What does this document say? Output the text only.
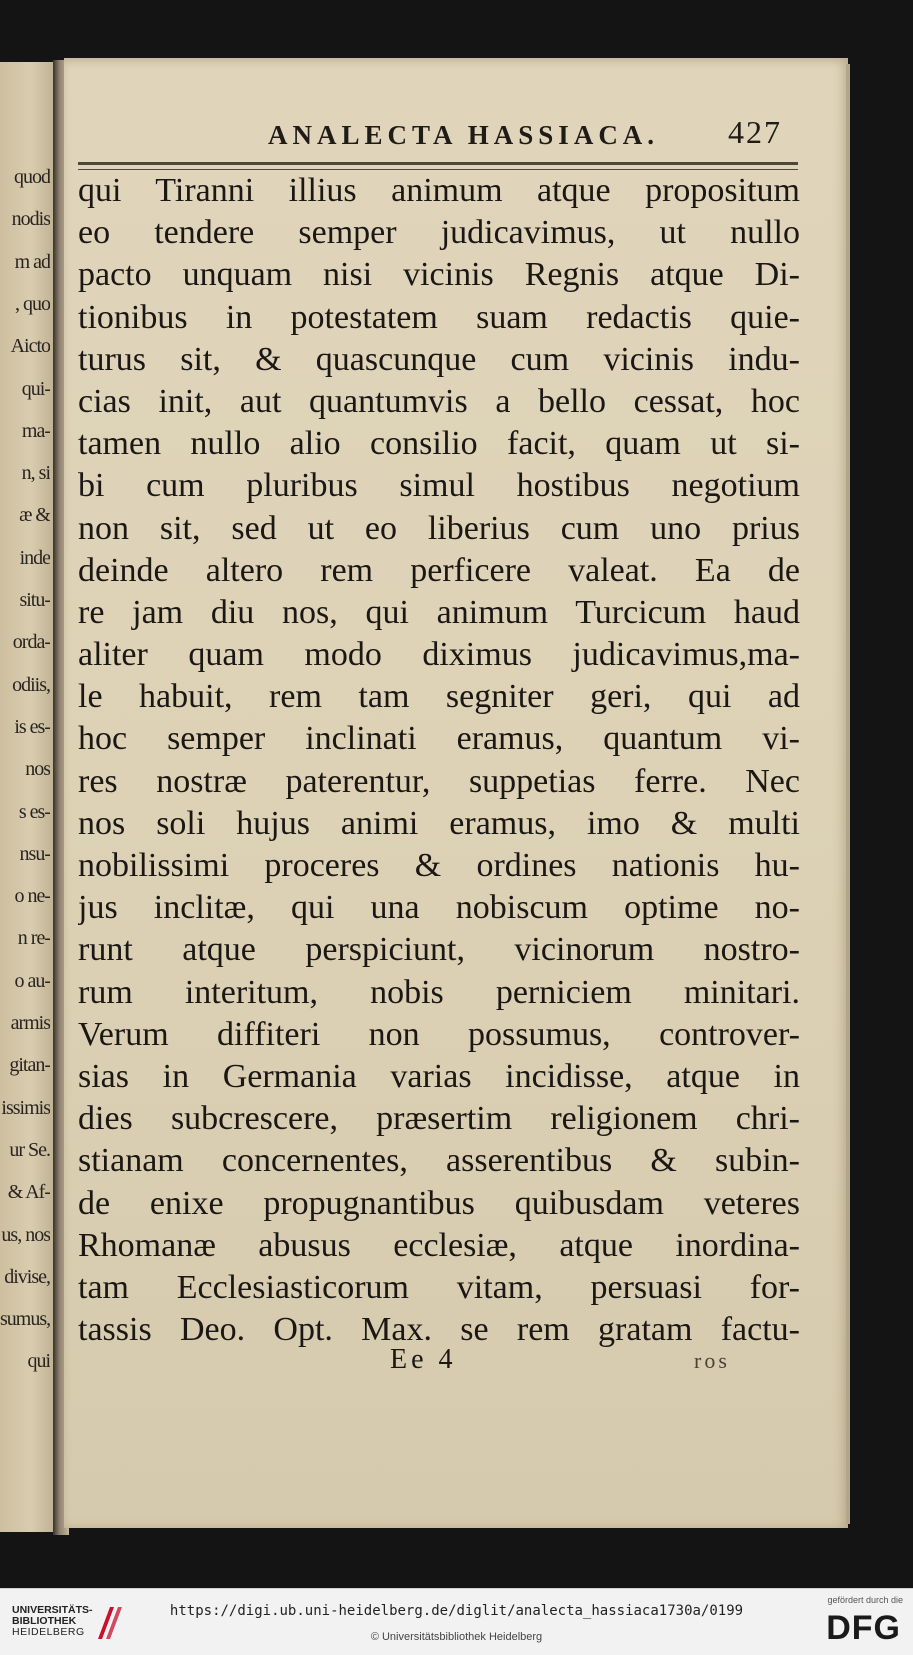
quod
nodis
m ad
, quo
Aicto
qui-
ma-
n, si
æ &
inde
situ-
orda-
odiis,
is es-
nos
s es-
nsu-
o ne-
n re-
o au-
armis
gitan-
issimis
ur Se.
& Af-
us, nos
divise,
sumus,
qui
ANALECTA HASSIACA. 427
qui Tiranni illius animum atque propositum
eo tendere semper judicavimus, ut nullo
pacto unquam nisi vicinis Regnis atque Di-
tionibus in potestatem suam redactis quie-
turus sit, & quascunque cum vicinis indu-
cias init, aut quantumvis a bello cessat, hoc
tamen nullo alio consilio facit, quam ut si-
bi cum pluribus simul hostibus negotium
non sit, sed ut eo liberius cum uno prius
deinde altero rem perficere valeat. Ea de
re jam diu nos, qui animum Turcicum haud
aliter quam modo diximus judicavimus,ma-
le habuit, rem tam segniter geri, qui ad
hoc semper inclinati eramus, quantum vi-
res nostræ paterentur, suppetias ferre. Nec
nos soli hujus animi eramus, imo & multi
nobilissimi proceres & ordines nationis hu-
jus inclitæ, qui una nobiscum optime no-
runt atque perspiciunt, vicinorum nostro-
rum interitum, nobis perniciem minitari.
Verum diffiteri non possumus, controver-
sias in Germania varias incidisse, atque in
dies subcrescere, præsertim religionem chri-
stianam concernentes, asserentibus & subin-
de enixe propugnantibus quibusdam veteres
Rhomanæ abusus ecclesiæ, atque inordina-
tam Ecclesiasticorum vitam, persuasi for-
tassis Deo. Opt. Max. se rem gratam factu-
Ee 4	ros
UNIVERSITÄTS-
BIBLIOTHEK
HEIDELBERG
https://digi.ub.uni-heidelberg.de/diglit/analecta_hassiaca1730a/0199
© Universitätsbibliothek Heidelberg
gefördert durch die
DFG
